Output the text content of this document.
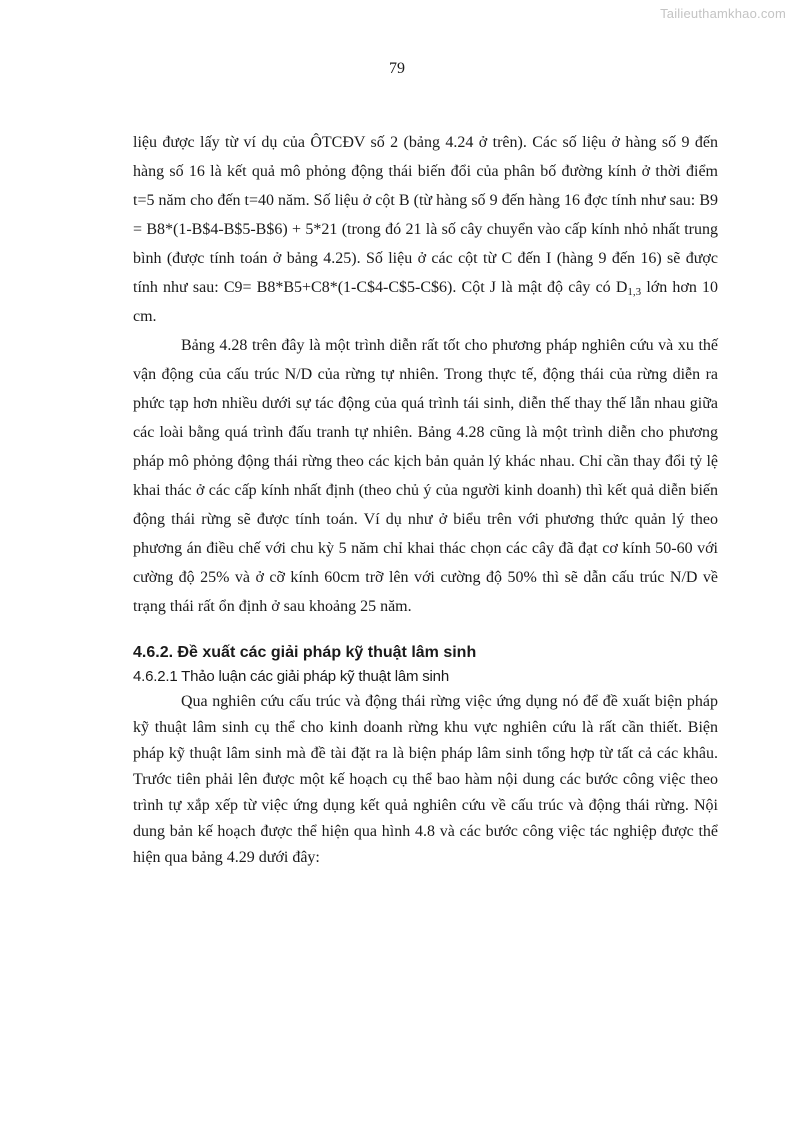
Tailieuthamkhao.com
79

liệu được lấy từ ví dụ của ÔTCĐV số 2 (bảng 4.24 ở trên). Các số liệu ở hàng số 9 đến hàng số 16 là kết quả mô phỏng động thái biến đổi của phân bố đường kính ở thời điểm t=5 năm cho đến t=40 năm. Số liệu ở cột B (từ hàng số 9 đến hàng 16 đợc tính như sau: B9 = B8*(1-B$4-B$5-B$6) + 5*21 (trong đó 21 là số cây chuyển vào cấp kính nhỏ nhất trung bình (được tính toán ở bảng 4.25). Số liệu ở các cột từ C đến I (hàng 9 đến 16) sẽ được tính như sau: C9= B8*B5+C8*(1-C$4-C$5-C$6). Cột J là mật độ cây có $D_{1,3}$ lớn hơn 10 cm.

Bảng 4.28 trên đây là một trình diễn rất tốt cho phương pháp nghiên cứu và xu thế vận động của cấu trúc N/D của rừng tự nhiên. Trong thực tế, động thái của rừng diễn ra phức tạp hơn nhiều dưới sự tác động của quá trình tái sinh, diễn thế thay thế lẫn nhau giữa các loài bằng quá trình đấu tranh tự nhiên. Bảng 4.28 cũng là một trình diễn cho phương pháp mô phỏng động thái rừng theo các kịch bản quản lý khác nhau. Chỉ cần thay đổi tỷ lệ khai thác ở các cấp kính nhất định (theo chủ ý của người kinh doanh) thì kết quả diễn biến động thái rừng sẽ được tính toán. Ví dụ như ở biểu trên với phương thức quản lý theo phương án điều chế với chu kỳ 5 năm chỉ khai thác chọn các cây đã đạt cơ kính 50-60 với cường độ 25% và ở cỡ kính 60cm trỡ lên với cường độ 50% thì sẽ dẫn cấu trúc N/D về trạng thái rất ổn định ở sau khoảng 25 năm.

4.6.2. Đề xuất các giải pháp kỹ thuật lâm sinh

4.6.2.1 Thảo luận các giải pháp kỹ thuật lâm sinh

Qua nghiên cứu cấu trúc và động thái rừng việc ứng dụng nó để đề xuất biện pháp kỹ thuật lâm sinh cụ thể cho kinh doanh rừng khu vực nghiên cứu là rất cần thiết. Biện pháp kỹ thuật lâm sinh mà đề tài đặt ra là biện pháp lâm sinh tổng hợp từ tất cả các khâu. Trước tiên phải lên được một kế hoạch cụ thể bao hàm nội dung các bước công việc theo trình tự xắp xếp từ việc ứng dụng kết quả nghiên cứu về cấu trúc và động thái rừng. Nội dung bản kế hoạch được thể hiện qua hình 4.8 và các bước công việc tác nghiệp được thể hiện qua bảng 4.29 dưới đây:
